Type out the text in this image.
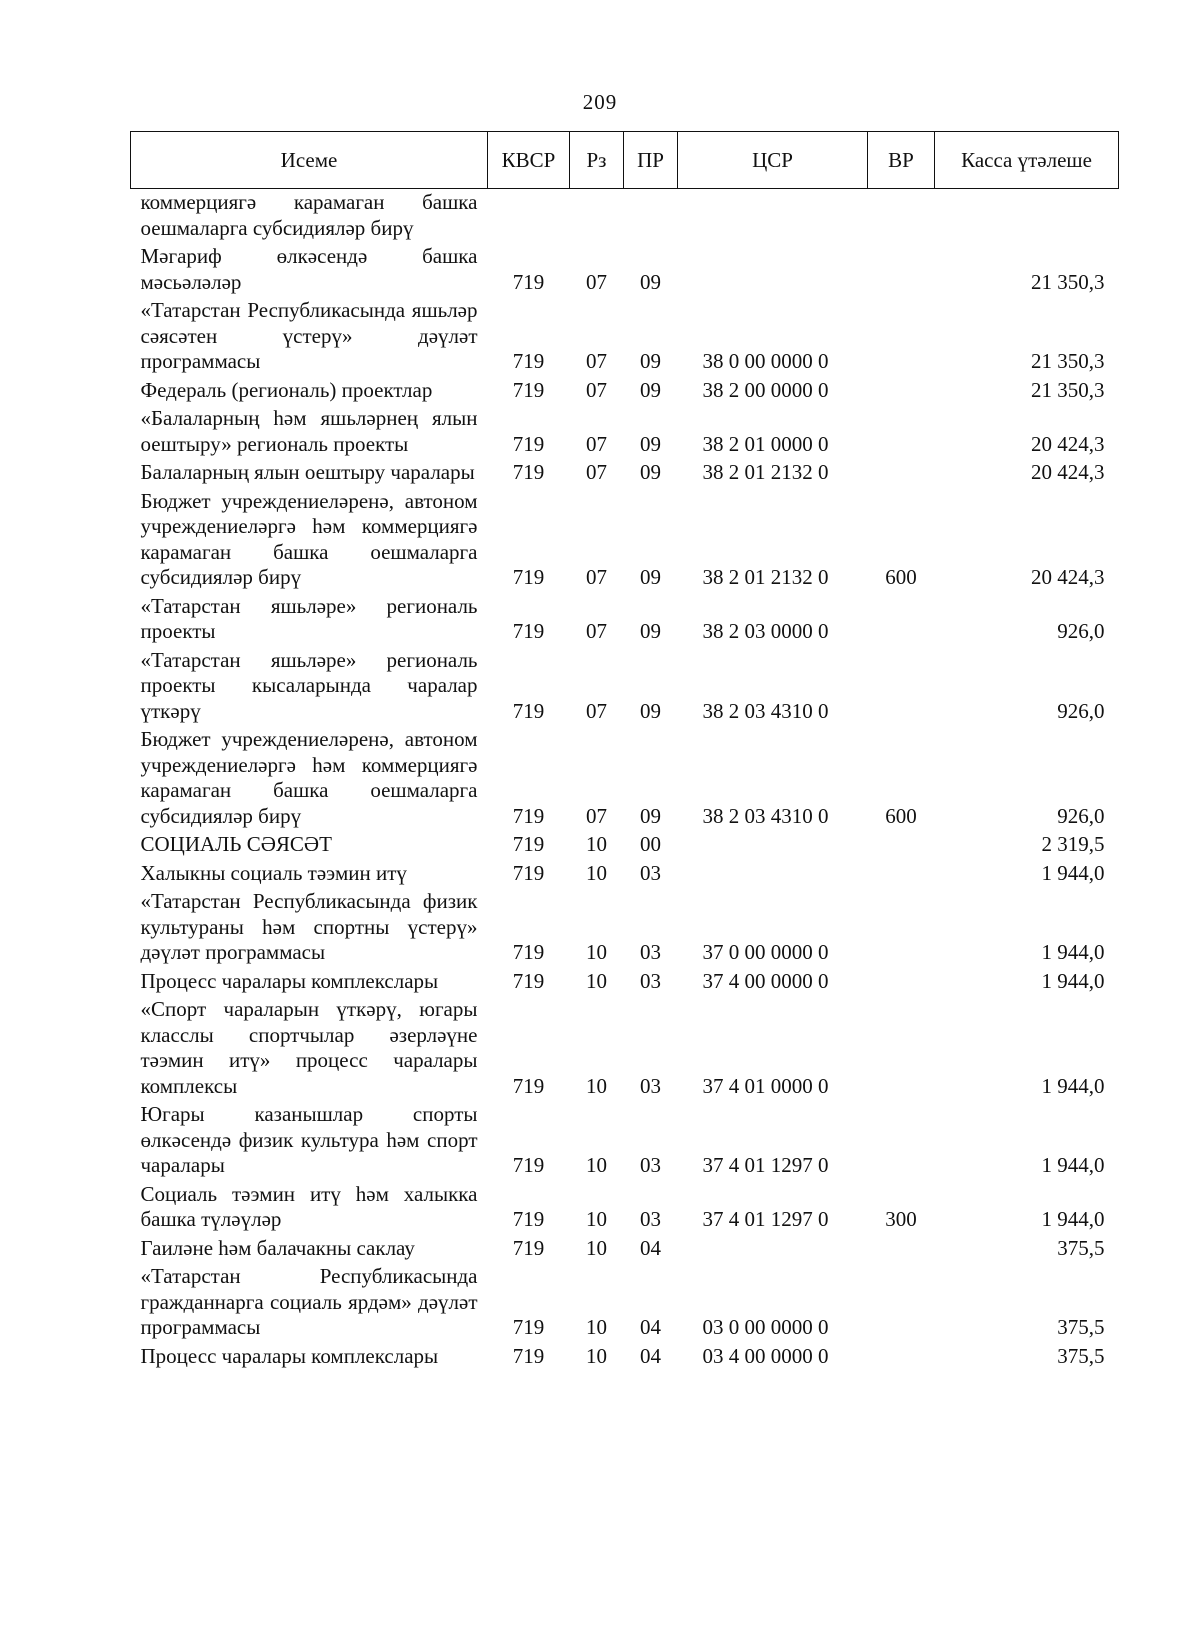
209
Исеме	КВСР	Рз	ПР	ЦСР	ВР	Касса үтәлеше
коммерциягә карамаган башка оешмаларга субсидияләр бирү						
Мәгариф өлкәсендә башка мәсьәләләр	719	07	09			21 350,3
«Татарстан Республикасында яшьләр сәясәтен үстерү» дәүләт программасы	719	07	09	38 0 00 0000 0		21 350,3
Федераль (региональ) проектлар	719	07	09	38 2 00 0000 0		21 350,3
«Балаларның һәм яшьләрнең ялын оештыру» региональ проекты	719	07	09	38 2 01 0000 0		20 424,3
Балаларның ялын оештыру чаралары	719	07	09	38 2 01 2132 0		20 424,3
Бюджет учреждениеләренә, автоном учреждениеләргә һәм коммерциягә карамаган башка оешмаларга субсидияләр бирү	719	07	09	38 2 01 2132 0	600	20 424,3
«Татарстан яшьләре» региональ проекты	719	07	09	38 2 03 0000 0		926,0
«Татарстан яшьләре» региональ проекты кысаларында чаралар үткәрү	719	07	09	38 2 03 4310 0		926,0
Бюджет учреждениеләренә, автоном учреждениеләргә һәм коммерциягә карамаган башка оешмаларга субсидияләр бирү	719	07	09	38 2 03 4310 0	600	926,0
СОЦИАЛЬ СӘЯСӘТ	719	10	00			2 319,5
Халыкны социаль тәэмин итү	719	10	03			1 944,0
«Татарстан Республикасында физик культураны һәм спортны үстерү» дәүләт программасы	719	10	03	37 0 00 0000 0		1 944,0
Процесс чаралары комплекслары	719	10	03	37 4 00 0000 0		1 944,0
«Спорт чараларын үткәрү, югары класслы спортчылар әзерләүне тәэмин итү» процесс чаралары комплексы	719	10	03	37 4 01 0000 0		1 944,0
Югары казанышлар спорты өлкәсендә физик культура һәм спорт чаралары	719	10	03	37 4 01 1297 0		1 944,0
Социаль тәэмин итү һәм халыкка башка түләүләр	719	10	03	37 4 01 1297 0	300	1 944,0
Гаиләне һәм балачакны саклау	719	10	04			375,5
«Татарстан Республикасында гражданнарга социаль ярдәм» дәүләт программасы	719	10	04	03 0 00 0000 0		375,5
Процесс чаралары комплекслары	719	10	04	03 4 00 0000 0		375,5
